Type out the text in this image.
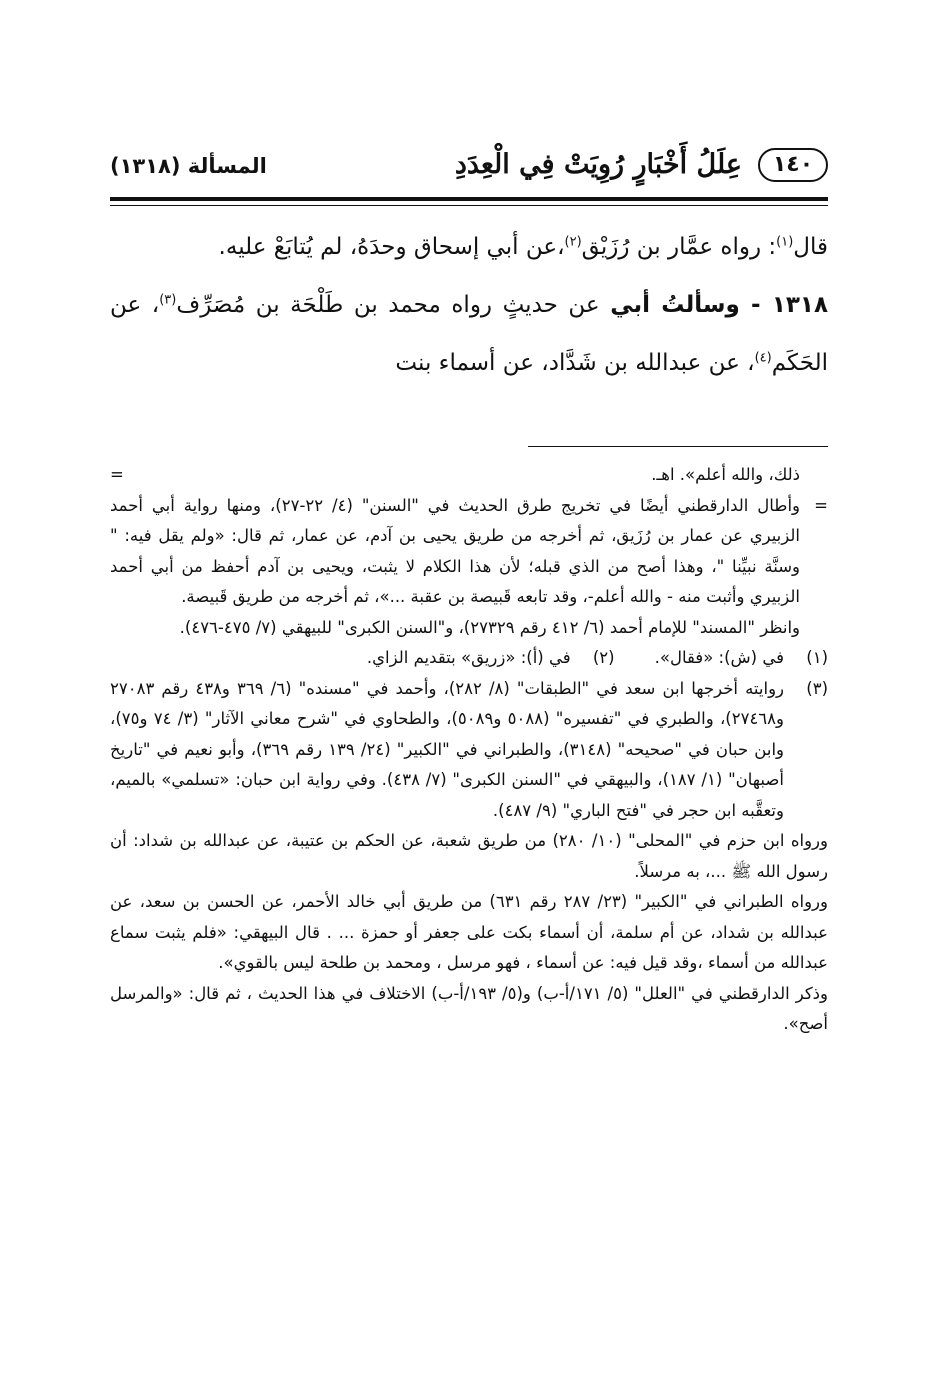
١٤٠
عِلَلُ أَخْبَارٍ رُوِيَتْ فِي الْعِدَدِ
المسألة (١٣١٨)

قال$^{(١)}$: رواه عمَّار بن رُزَيْق$^{(٢)}$،عن أبي إسحاق وحدَهُ، لم يُتابَعْ عليه.

١٣١٨ - وسألتُ أبي عن حديثٍ رواه محمد بن طَلْحَة بن مُصَرِّف$^{(٣)}$، عن الحَكَم$^{(٤)}$، عن عبدالله بن شَدَّاد، عن أسماء بنت

ذلك، والله أعلم». اهـ.
=

=
وأطال الدارقطني أيضًا في تخريج طرق الحديث في "السنن" (٤/ ٢٢-٢٧)، ومنها رواية أبي أحمد الزبيري عن عمار بن رُزَيق، ثم أخرجه من طريق يحيى بن آدم، عن عمار، ثم قال: «ولم يقل فيه: " وسنَّة نبيِّنا "، وهذا أصح من الذي قبله؛ لأن هذا الكلام لا يثبت، ويحيى بن آدم أحفظ من أبي أحمد الزبيري وأثبت منه - والله أعلم-، وقد تابعه قَبيصة بن عقبة ...»، ثم أخرجه من طريق قَبيصة.

وانظر "المسند" للإمام أحمد (٦/ ٤١٢ رقم ٢٧٣٢٩)، و"السنن الكبرى" للبيهقي (٧/ ٤٧٥-٤٧٦).

(١)
في (ش): «فقال».
(٢)
في (أ): «زريق» بتقديم الزاي.
(٣)

روايته أخرجها ابن سعد في "الطبقات" (٨/ ٢٨٢)، وأحمد في "مسنده" (٦/ ٣٦٩ و٤٣٨ رقم ٢٧٠٨٣ و٢٧٤٦٨)، والطبري في "تفسيره" (٥٠٨٨ و٥٠٨٩)، والطحاوي في "شرح معاني الآثار" (٣/ ٧٤ و٧٥)، وابن حبان في "صحيحه" (٣١٤٨)، والطبراني في "الكبير" (٢٤/ ١٣٩ رقم ٣٦٩)، وأبو نعيم في "تاريخ أصبهان" (١/ ١٨٧)، والبيهقي في "السنن الكبرى" (٧/ ٤٣٨). وفي رواية ابن حبان: «تسلمي» بالميم، وتعقَّبه ابن حجر في "فتح الباري" (٩/ ٤٨٧).

ورواه ابن حزم في "المحلى" (١٠/ ٢٨٠) من طريق شعبة، عن الحكم بن عتيبة، عن عبدالله بن شداد: أن رسول الله ﷺ ...، به مرسلاً.

ورواه الطبراني في "الكبير" (٢٣/ ٢٨٧ رقم ٦٣١) من طريق أبي خالد الأحمر، عن الحسن بن سعد، عن عبدالله بن شداد، عن أم سلمة، أن أسماء بكت على جعفر أو حمزة ... . قال البيهقي: «فلم يثبت سماع عبدالله من أسماء ،وقد قيل فيه: عن أسماء ، فهو مرسل ، ومحمد بن طلحة ليس بالقوي».

وذكر الدارقطني في "العلل" (٥/ ١٧١/أ-ب) و(٥/ ١٩٣/أ-ب) الاختلاف في هذا الحديث ، ثم قال: «والمرسل أصح».
